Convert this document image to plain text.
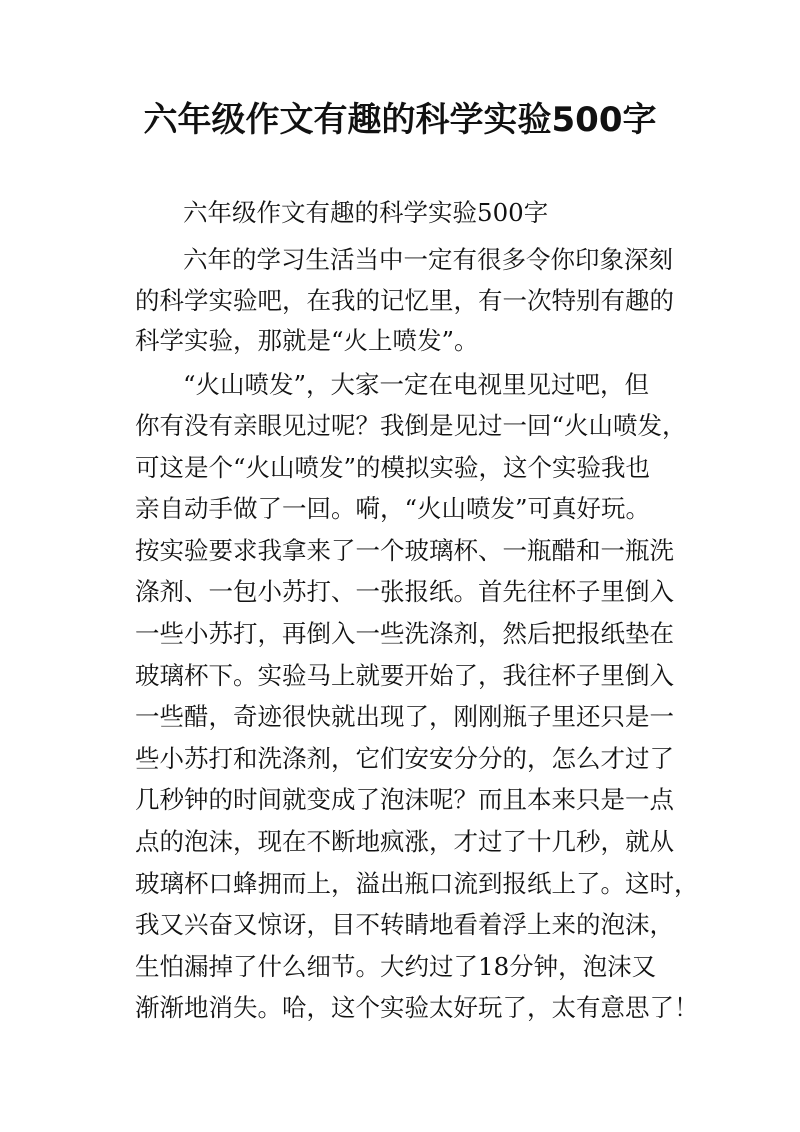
六年级作文有趣的科学实验500字
六年级作文有趣的科学实验500字
六年的学习生活当中一定有很多令你印象深刻
的科学实验吧，在我的记忆里，有一次特别有趣的
科学实验，那就是“火上喷发”。
“火山喷发”，大家一定在电视里见过吧，但
你有没有亲眼见过呢？我倒是见过一回“火山喷发，
可这是个“火山喷发”的模拟实验，这个实验我也
亲自动手做了一回。嗬，“火山喷发”可真好玩。
按实验要求我拿来了一个玻璃杯、一瓶醋和一瓶洗
涤剂、一包小苏打、一张报纸。首先往杯子里倒入
一些小苏打，再倒入一些洗涤剂，然后把报纸垫在
玻璃杯下。实验马上就要开始了，我往杯子里倒入
一些醋，奇迹很快就出现了，刚刚瓶子里还只是一
些小苏打和洗涤剂，它们安安分分的，怎么才过了
几秒钟的时间就变成了泡沫呢？而且本来只是一点
点的泡沫，现在不断地疯涨，才过了十几秒，就从
玻璃杯口蜂拥而上，溢出瓶口流到报纸上了。这时，
我又兴奋又惊讶，目不转睛地看着浮上来的泡沫，
生怕漏掉了什么细节。大约过了18分钟，泡沫又
渐渐地消失。哈，这个实验太好玩了，太有意思了！
